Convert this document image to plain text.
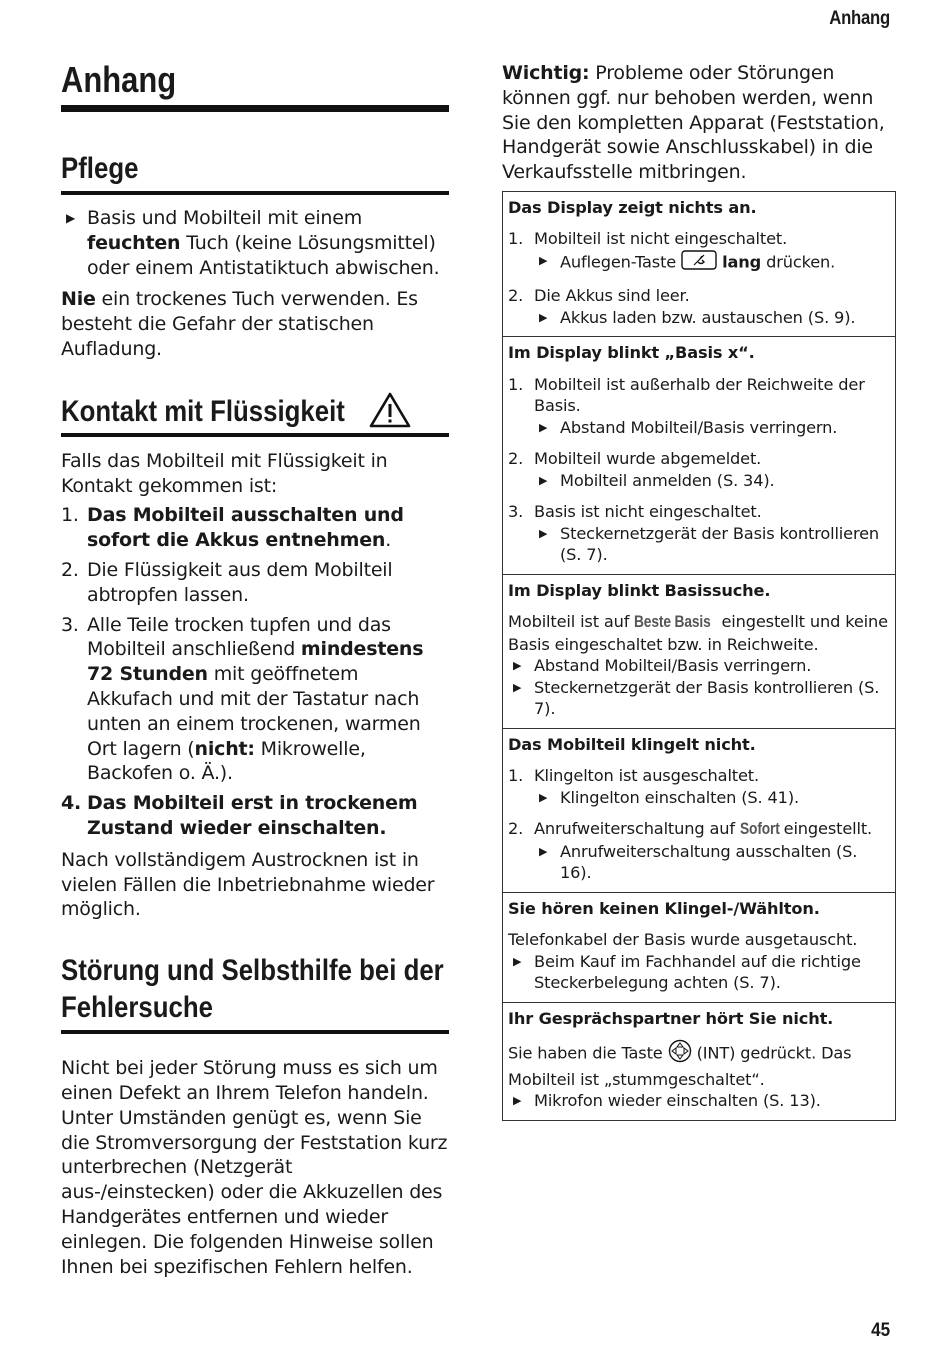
Anhang
Anhang
Pflege
▶ Basis und Mobilteil mit einem feuchten Tuch (keine Lösungsmittel) oder einem Antistatiktuch abwischen.

Nie ein trockenes Tuch verwenden. Es besteht die Gefahr der statischen Aufladung.

Kontakt mit Flüssigkeit

Falls das Mobilteil mit Flüssigkeit in Kontakt gekommen ist:

1. Das Mobilteil ausschalten und sofort die Akkus entnehmen.
2. Die Flüssigkeit aus dem Mobilteil abtropfen lassen.
3. Alle Teile trocken tupfen und das Mobilteil anschließend mindestens 72 Stunden mit geöffnetem Akkufach und mit der Tastatur nach unten an einem trockenen, warmen Ort lagern (nicht: Mikrowelle, Backofen o. Ä.).
4. Das Mobilteil erst in trockenem Zustand wieder einschalten.

Nach vollständigem Austrocknen ist in vielen Fällen die Inbetriebnahme wieder möglich.

Störung und Selbsthilfe bei der
Fehlersuche

Nicht bei jeder Störung muss es sich um einen Defekt an Ihrem Telefon handeln. Unter Umständen genügt es, wenn Sie die Stromversorgung der Feststation kurz unterbrechen (Netzgerät aus-/einstecken) oder die Akkuzellen des Handgerätes entfernen und wieder einlegen. Die folgenden Hinweise sollen Ihnen bei spezifischen Fehlern helfen.

Wichtig: Probleme oder Störungen können ggf. nur behoben werden, wenn Sie den kompletten Apparat (Feststation, Handgerät sowie Anschlusskabel) in die Verkaufsstelle mitbringen.

Das Display zeigt nichts an.
1. Mobilteil ist nicht eingeschaltet.
▶ Auflegen-Taste	lang drücken.
2. Die Akkus sind leer.
▶ Akkus laden bzw. austauschen (S. 9).
Im Display blinkt „Basis x“.
1. Mobilteil ist außerhalb der Reichweite der Basis.
▶ Abstand Mobilteil/Basis verringern.
2. Mobilteil wurde abgemeldet.
▶ Mobilteil anmelden (S. 34).
3. Basis ist nicht eingeschaltet.
▶ Steckernetzgerät der Basis kontrollieren (S. 7).
Im Display blinkt Basissuche.
Mobilteil ist auf Beste Basis eingestellt und keine Basis eingeschaltet bzw. in Reichweite.
▶ Abstand Mobilteil/Basis verringern.
▶ Steckernetzgerät der Basis kontrollieren (S. 7).
Das Mobilteil klingelt nicht.
1. Klingelton ist ausgeschaltet.
▶ Klingelton einschalten (S. 41).
2. Anrufweiterschaltung auf Sofort eingestellt.
▶ Anrufweiterschaltung ausschalten (S. 16).
Sie hören keinen Klingel-/Wählton.
Telefonkabel der Basis wurde ausgetauscht.
▶ Beim Kauf im Fachhandel auf die richtige Steckerbelegung achten (S. 7).
Ihr Gesprächspartner hört Sie nicht.
Sie haben die Taste  (INT) gedrückt. Das Mobilteil ist „stummgeschaltet“.
▶ Mikrofon wieder einschalten (S. 13).
45
